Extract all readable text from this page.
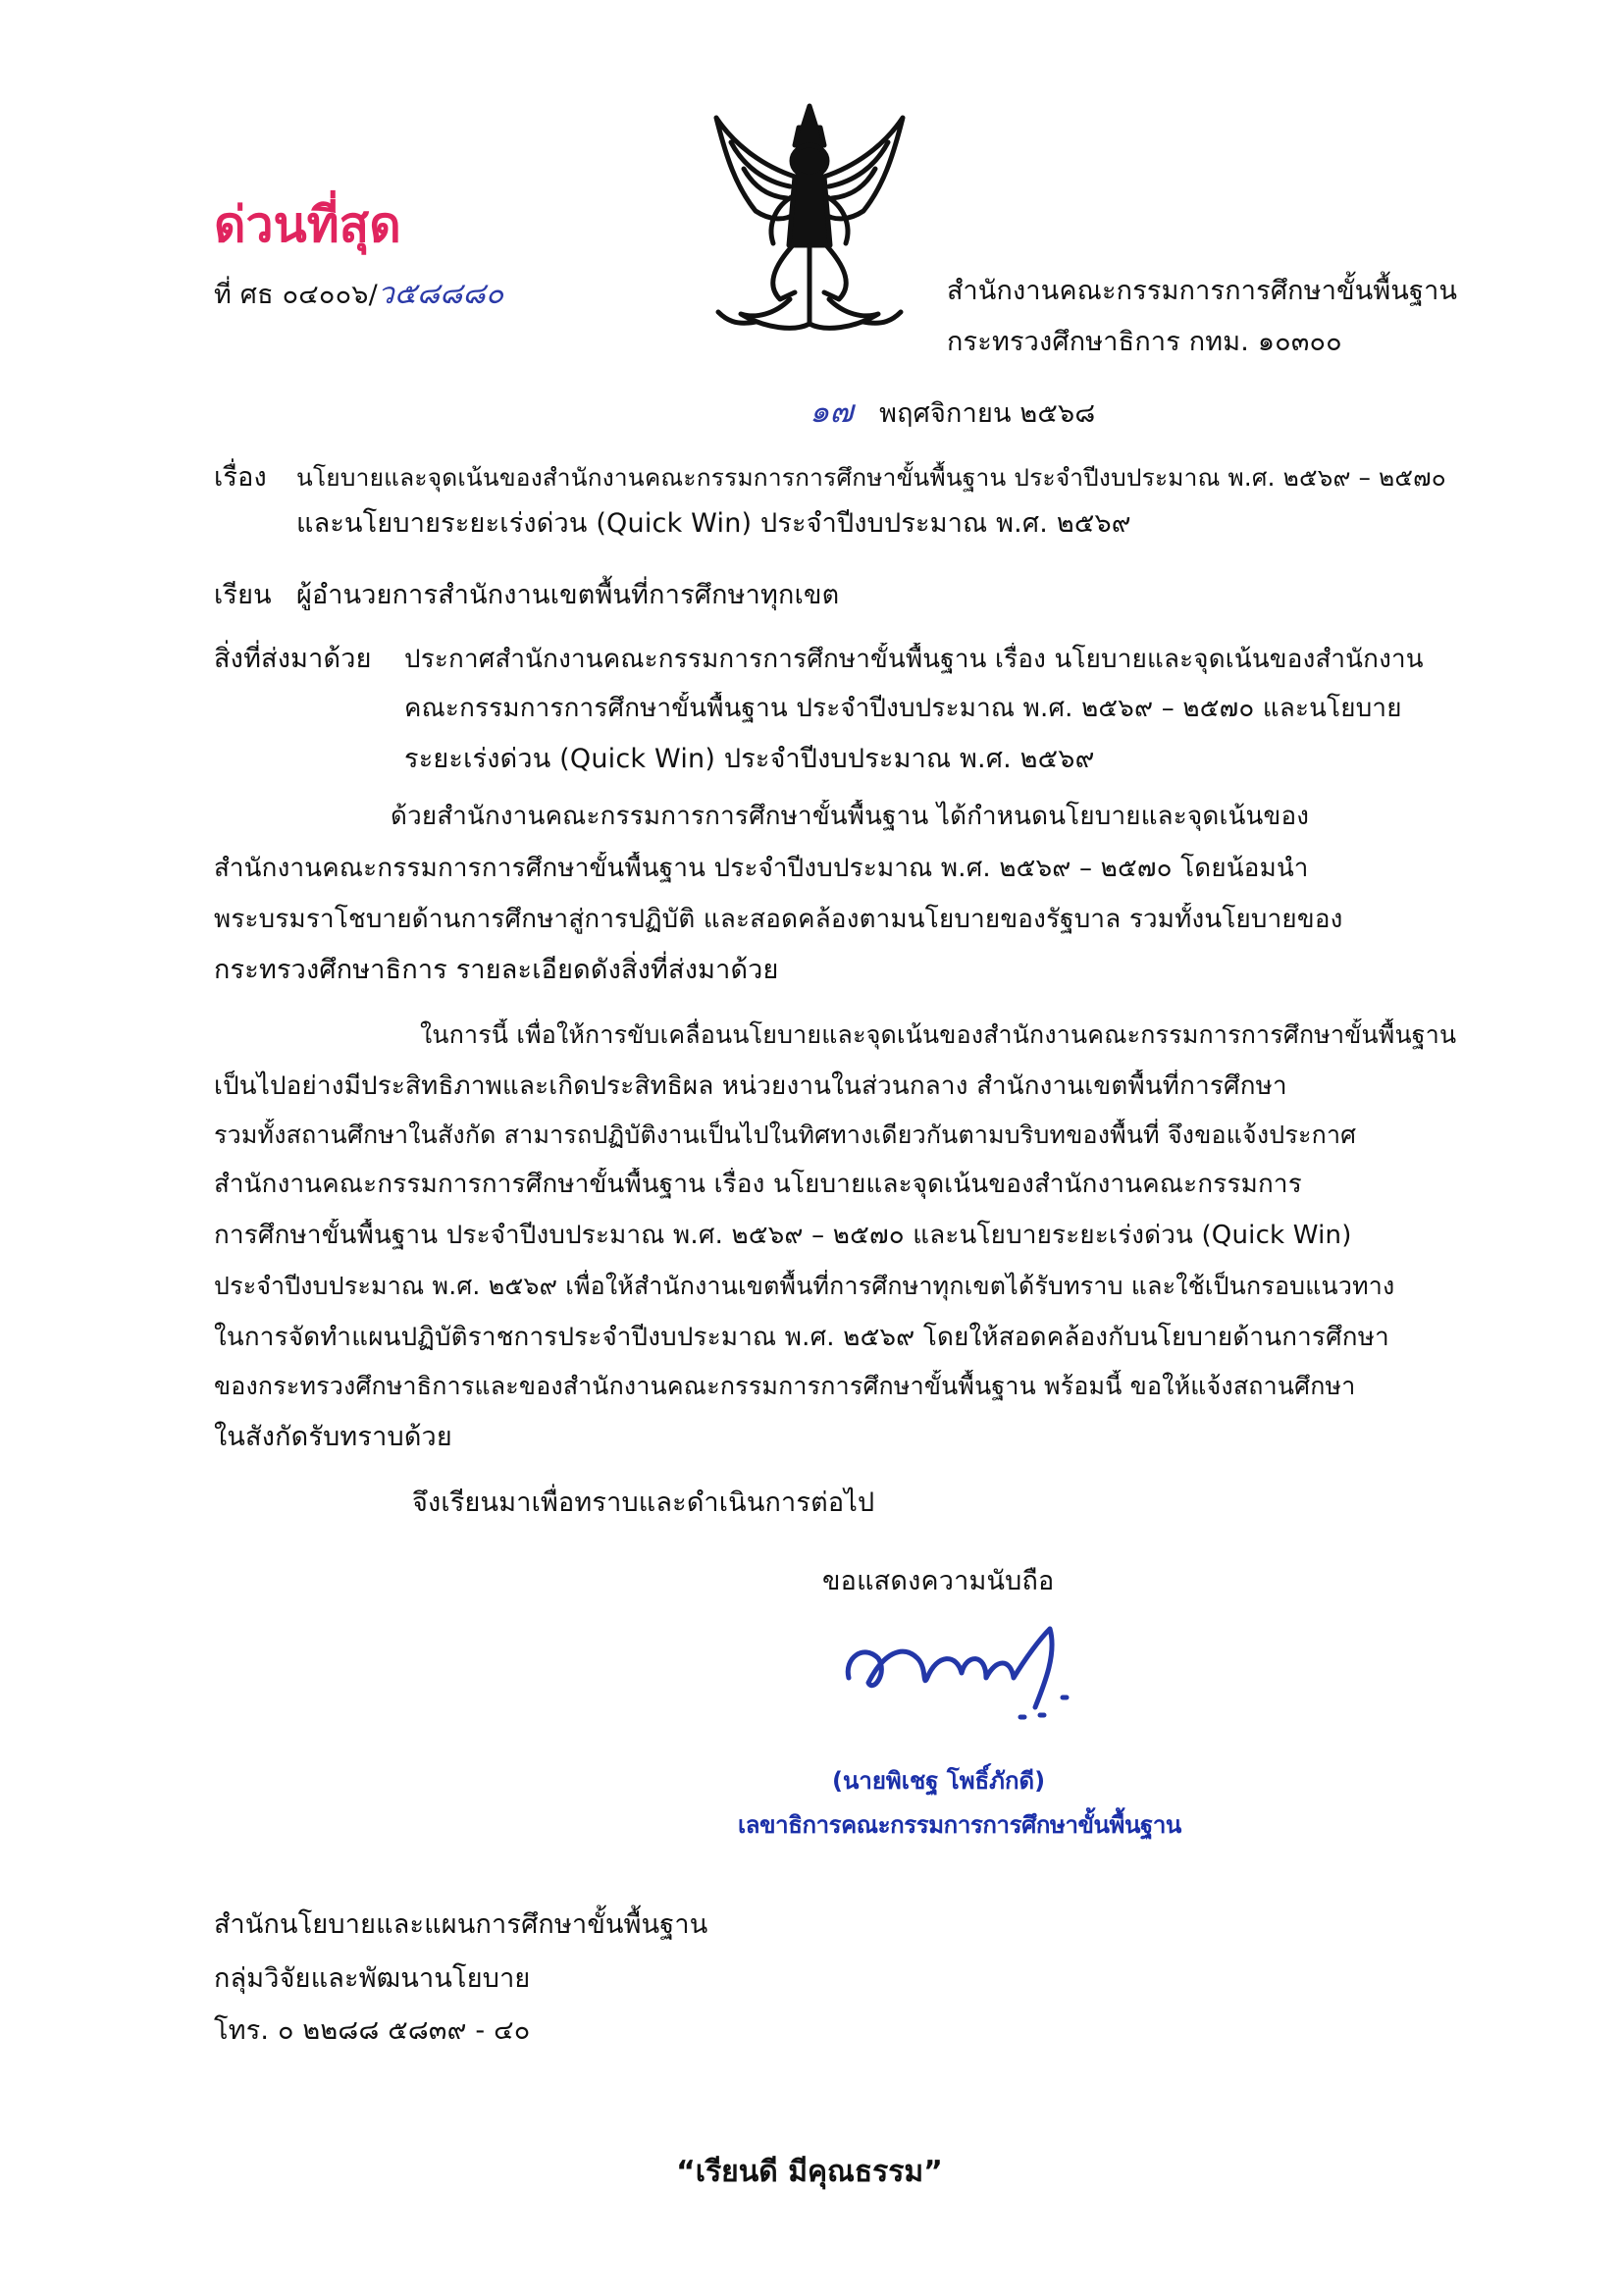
ด่วนที่สุด
ที่ ศธ ๐๔๐๐๖/ว๕๘๘๘๐	สำนักงานคณะกรรมการการศึกษาขั้นพื้นฐาน
กระทรวงศึกษาธิการ กทม. ๑๐๓๐๐
๑๗ พฤศจิกายน ๒๕๖๘
เรื่อง นโยบายและจุดเน้นของสำนักงานคณะกรรมการการศึกษาขั้นพื้นฐาน ประจำปีงบประมาณ พ.ศ. ๒๕๖๙ – ๒๕๗๐
และนโยบายระยะเร่งด่วน (Quick Win) ประจำปีงบประมาณ พ.ศ. ๒๕๖๙
เรียน ผู้อำนวยการสำนักงานเขตพื้นที่การศึกษาทุกเขต
สิ่งที่ส่งมาด้วย ประกาศสำนักงานคณะกรรมการการศึกษาขั้นพื้นฐาน เรื่อง นโยบายและจุดเน้นของสำนักงาน
คณะกรรมการการศึกษาขั้นพื้นฐาน ประจำปีงบประมาณ พ.ศ. ๒๕๖๙ – ๒๕๗๐ และนโยบาย
ระยะเร่งด่วน (Quick Win) ประจำปีงบประมาณ พ.ศ. ๒๕๖๙
ด้วยสำนักงานคณะกรรมการการศึกษาขั้นพื้นฐาน ได้กำหนดนโยบายและจุดเน้นของ
สำนักงานคณะกรรมการการศึกษาขั้นพื้นฐาน ประจำปีงบประมาณ พ.ศ. ๒๕๖๙ – ๒๕๗๐ โดยน้อมนำ
พระบรมราโชบายด้านการศึกษาสู่การปฏิบัติ และสอดคล้องตามนโยบายของรัฐบาล รวมทั้งนโยบายของ
กระทรวงศึกษาธิการ รายละเอียดดังสิ่งที่ส่งมาด้วย
ในการนี้ เพื่อให้การขับเคลื่อนนโยบายและจุดเน้นของสำนักงานคณะกรรมการการศึกษาขั้นพื้นฐาน
เป็นไปอย่างมีประสิทธิภาพและเกิดประสิทธิผล หน่วยงานในส่วนกลาง สำนักงานเขตพื้นที่การศึกษา
รวมทั้งสถานศึกษาในสังกัด สามารถปฏิบัติงานเป็นไปในทิศทางเดียวกันตามบริบทของพื้นที่ จึงขอแจ้งประกาศ
สำนักงานคณะกรรมการการศึกษาขั้นพื้นฐาน เรื่อง นโยบายและจุดเน้นของสำนักงานคณะกรรมการ
การศึกษาขั้นพื้นฐาน ประจำปีงบประมาณ พ.ศ. ๒๕๖๙ – ๒๕๗๐ และนโยบายระยะเร่งด่วน (Quick Win)
ประจำปีงบประมาณ พ.ศ. ๒๕๖๙ เพื่อให้สำนักงานเขตพื้นที่การศึกษาทุกเขตได้รับทราบ และใช้เป็นกรอบแนวทาง
ในการจัดทำแผนปฏิบัติราชการประจำปีงบประมาณ พ.ศ. ๒๕๖๙ โดยให้สอดคล้องกับนโยบายด้านการศึกษา
ของกระทรวงศึกษาธิการและของสำนักงานคณะกรรมการการศึกษาขั้นพื้นฐาน พร้อมนี้ ขอให้แจ้งสถานศึกษา
ในสังกัดรับทราบด้วย
จึงเรียนมาเพื่อทราบและดำเนินการต่อไป
ขอแสดงความนับถือ
(นายพิเชฐ โพธิ์ภักดี)
เลขาธิการคณะกรรมการการศึกษาขั้นพื้นฐาน
สำนักนโยบายและแผนการศึกษาขั้นพื้นฐาน
กลุ่มวิจัยและพัฒนานโยบาย
โทร. ๐ ๒๒๘๘ ๕๘๓๙ - ๔๐
“เรียนดี มีคุณธรรม”
